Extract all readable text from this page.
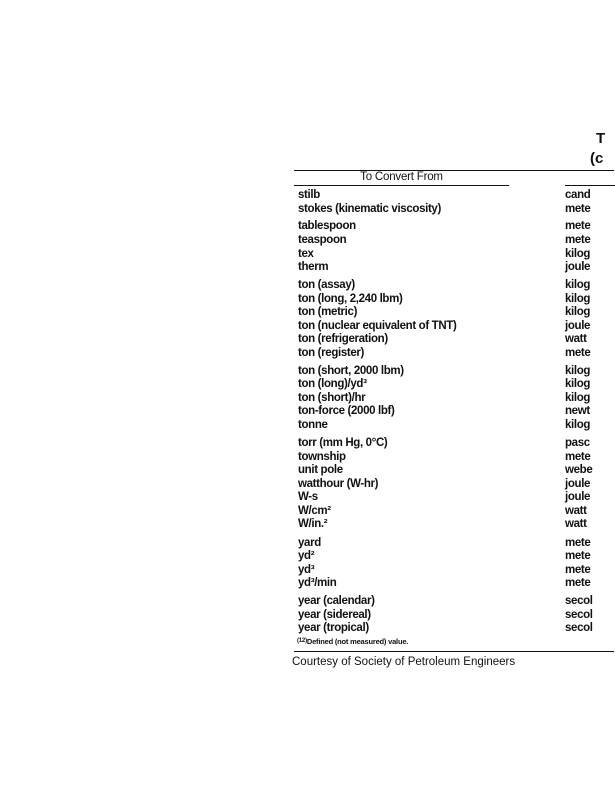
T
(c
To Convert From
stilb	cand
stokes (kinematic viscosity)	mete
tablespoon	mete
teaspoon	mete
tex	kilog
therm	joule
ton (assay)	kilog
ton (long, 2,240 lbm)	kilog
ton (metric)	kilog
ton (nuclear equivalent of TNT)	joule
ton (refrigeration)	watt
ton (register)	mete
ton (short, 2000 lbm)	kilog
ton (long)/yd³	kilog
ton (short)/hr	kilog
ton-force (2000 lbf)	newt
tonne	kilog
torr (mm Hg, 0°C)	pasc
township	mete
unit pole	webe
watthour (W-hr)	joule
W-s	joule
W/cm²	watt
W/in.²	watt
yard	mete
yd²	mete
yd³	mete
yd³/min	mete
year (calendar)	secol
year (sidereal)	secol
year (tropical)	secol
$^{(12)}$Defined (not measured) value.
Courtesy of Society of Petroleum Engineers
